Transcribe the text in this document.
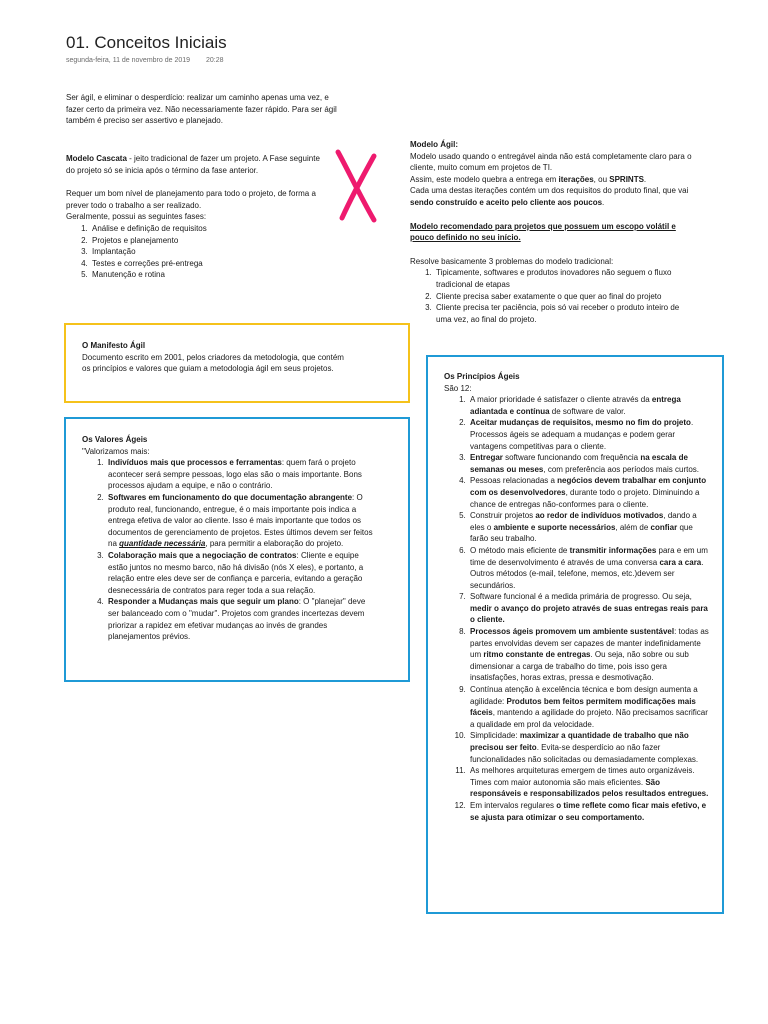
01. Conceitos Iniciais
segunda-feira, 11 de novembro de 2019 20:28
Ser ágil, e eliminar o desperdício: realizar um caminho apenas uma vez, e fazer certo da primeira vez. Não necessariamente fazer rápido. Para ser ágil também é preciso ser assertivo e planejado.

Modelo Cascata - jeito tradicional de fazer um projeto. A Fase seguinte do projeto só se inicia após o término da fase anterior.

Requer um bom nível de planejamento para todo o projeto, de forma a prever todo o trabalho a ser realizado.

Geralmente, possui as seguintes fases:

1. Análise e definição de requisitos
2. Projetos e planejamento
3. Implantação
4. Testes e correções pré-entrega
5. Manutenção e rotina

Modelo Ágil:

Modelo usado quando o entregável ainda não está completamente claro para o cliente, muito comum em projetos de TI.

Assim, este modelo quebra a entrega em iterações, ou SPRINTS.

Cada uma destas iterações contém um dos requisitos do produto final, que vai sendo construído e aceito pelo cliente aos poucos.

Modelo recomendado para projetos que possuem um escopo volátil e pouco definido no seu início.

Resolve basicamente 3 problemas do modelo tradicional:

1. Tipicamente, softwares e produtos inovadores não seguem o fluxo tradicional de etapas
2. Cliente precisa saber exatamente o que quer ao final do projeto
3. Cliente precisa ter paciência, pois só vai receber o produto inteiro de uma vez, ao final do projeto.

O Manifesto Ágil

Documento escrito em 2001, pelos criadores da metodologia, que contém os princípios e valores que guiam a metodologia ágil em seus projetos.

Os Valores Ágeis

"Valorizamos mais:

1. Indivíduos mais que processos e ferramentas: quem fará o projeto acontecer será sempre pessoas, logo elas são o mais importante. Bons processos ajudam a equipe, e não o contrário.
2. Softwares em funcionamento do que documentação abrangente: O produto real, funcionando, entregue, é o mais importante pois indica a entrega efetiva de valor ao cliente. Isso é mais importante que todos os documentos de gerenciamento de projetos. Estes últimos devem ser feitos na quantidade necessária, para permitir a elaboração do projeto.
3. Colaboração mais que a negociação de contratos: Cliente e equipe estão juntos no mesmo barco, não há divisão (nós X eles), e portanto, a relação entre eles deve ser de confiança e parceria, evitando a geração desnecessária de contratos para reger toda a sua relação.
4. Responder a Mudanças mais que seguir um plano: O "planejar" deve ser balanceado com o "mudar". Projetos com grandes incertezas devem priorizar a rapidez em efetivar mudanças ao invés de grandes planejamentos prévios.

Os Princípios Ágeis

São 12:

1. A maior prioridade é satisfazer o cliente através da entrega adiantada e contínua de software de valor.
2. Aceitar mudanças de requisitos, mesmo no fim do projeto. Processos ágeis se adequam a mudanças e podem gerar vantagens competitivas para o cliente.
3. Entregar software funcionando com frequência na escala de semanas ou meses, com preferência aos períodos mais curtos.
4. Pessoas relacionadas a negócios devem trabalhar em conjunto com os desenvolvedores, durante todo o projeto. Diminuindo a chance de entregas não-conformes para o cliente.
5. Construir projetos ao redor de indivíduos motivados, dando a eles o ambiente e suporte necessários, além de confiar que farão seu trabalho.
6. O método mais eficiente de transmitir informações para e em um time de desenvolvimento é através de uma conversa cara a cara. Outros métodos (e-mail, telefone, memos, etc.)devem ser secundários.
7. Software funcional é a medida primária de progresso. Ou seja, medir o avanço do projeto através de suas entregas reais para o cliente.
8. Processos ágeis promovem um ambiente sustentável: todas as partes envolvidas devem ser capazes de manter indefinidamente um ritmo constante de entregas. Ou seja, não sobre ou sub dimensionar a carga de trabalho do time, pois isso gera insatisfações, horas extras, pressa e desmotivação.
9. Contínua atenção à excelência técnica e bom design aumenta a agilidade: Produtos bem feitos permitem modificações mais fáceis, mantendo a agilidade do projeto. Não precisamos sacrificar a qualidade em prol da velocidade.
10. Simplicidade: maximizar a quantidade de trabalho que não precisou ser feito. Evita-se desperdício ao não fazer funcionalidades não solicitadas ou demasiadamente complexas.
11. As melhores arquiteturas emergem de times auto organizáveis. Times com maior autonomia são mais eficientes. São responsáveis e responsabilizados pelos resultados entregues.
12. Em intervalos regulares o time reflete como ficar mais efetivo, e se ajusta para otimizar o seu comportamento.
